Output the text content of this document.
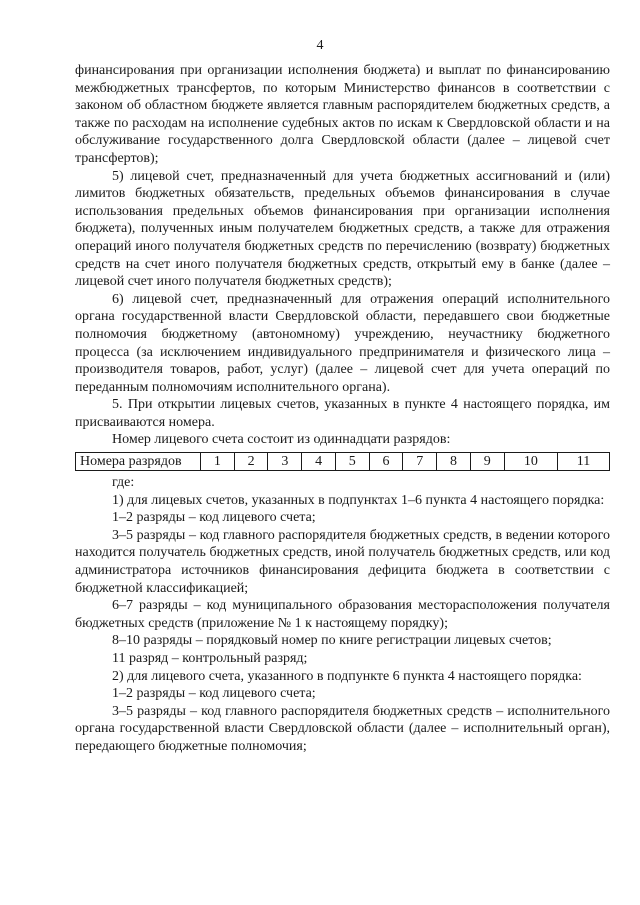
4

финансирования при организации исполнения бюджета) и выплат по финансированию межбюджетных трансфертов, по которым Министерство финансов в соответствии с законом об областном бюджете является главным распорядителем бюджетных средств, а также по расходам на исполнение судебных актов по искам к Свердловской области и на обслуживание государственного долга Свердловской области (далее – лицевой счет трансфертов);

5) лицевой счет, предназначенный для учета бюджетных ассигнований и (или) лимитов бюджетных обязательств, предельных объемов финансирования в случае использования предельных объемов финансирования при организации исполнения бюджета), полученных иным получателем бюджетных средств, а также для отражения операций иного получателя бюджетных средств по перечислению (возврату) бюджетных средств на счет иного получателя бюджетных средств, открытый ему в банке (далее – лицевой счет иного получателя бюджетных средств);

6) лицевой счет, предназначенный для отражения операций исполнительного органа государственной власти Свердловской области, передавшего свои бюджетные полномочия бюджетному (автономному) учреждению, неучастнику бюджетного процесса (за исключением индивидуального предпринимателя и физического лица – производителя товаров, работ, услуг) (далее – лицевой счет для учета операций по переданным полномочиям исполнительного органа).

5. При открытии лицевых счетов, указанных в пункте 4 настоящего порядка, им присваиваются номера.

Номер лицевого счета состоит из одиннадцати разрядов:

Номера разрядов	1	2	3	4	5	6	7	8	9	10	11

где:

1) для лицевых счетов, указанных в подпунктах 1–6 пункта 4 настоящего порядка:

1–2 разряды – код лицевого счета;

3–5 разряды – код главного распорядителя бюджетных средств, в ведении которого находится получатель бюджетных средств, иной получатель бюджетных средств, или код администратора источников финансирования дефицита бюджета в соответствии с бюджетной классификацией;

6–7 разряды – код муниципального образования месторасположения получателя бюджетных средств (приложение № 1 к настоящему порядку);

8–10 разряды – порядковый номер по книге регистрации лицевых счетов;

11 разряд – контрольный разряд;

2) для лицевого счета, указанного в подпункте 6 пункта 4 настоящего порядка:

1–2 разряды – код лицевого счета;

3–5 разряды – код главного распорядителя бюджетных средств – исполнительного органа государственной власти Свердловской области (далее – исполнительный орган), передающего бюджетные полномочия;
